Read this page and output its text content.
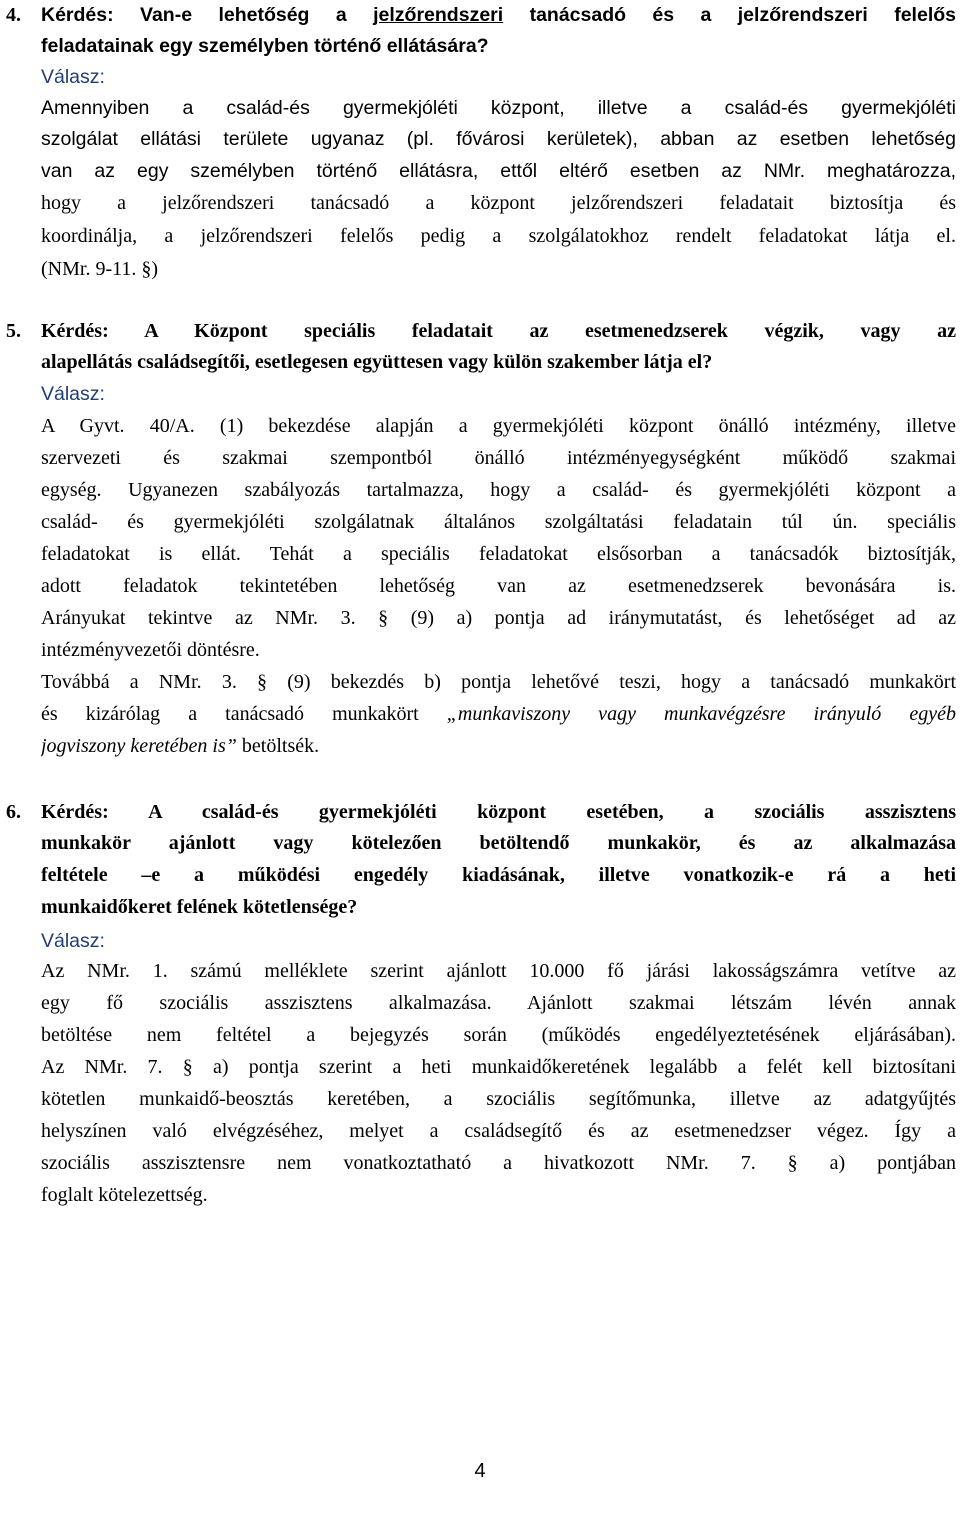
4.	Kérdés: Van-e lehetőség a jelzőrendszeri tanácsadó és a jelzőrendszeri felelős
feladatainak egy személyben történő ellátására?
Válasz:
Amennyiben a család-és gyermekjóléti központ, illetve a család-és gyermekjóléti
szolgálat ellátási területe ugyanaz (pl. fővárosi kerületek), abban az esetben lehetőség
van az egy személyben történő ellátásra, ettől eltérő esetben az NMr. meghatározza,
hogy a jelzőrendszeri tanácsadó a központ jelzőrendszeri feladatait biztosítja és
koordinálja, a jelzőrendszeri felelős pedig a szolgálatokhoz rendelt feladatokat látja el.
(NMr. 9-11. §)
5.	Kérdés: A Központ speciális feladatait az esetmenedzserek végzik, vagy az
alapellátás családsegítői, esetlegesen együttesen vagy külön szakember látja el?
Válasz:
A Gyvt. 40/A. (1) bekezdése alapján a gyermekjóléti központ önálló intézmény, illetve
szervezeti és szakmai szempontból önálló intézményegységként működő szakmai
egység. Ugyanezen szabályozás tartalmazza, hogy a család- és gyermekjóléti központ a
család- és gyermekjóléti szolgálatnak általános szolgáltatási feladatain túl ún. speciális
feladatokat is ellát. Tehát a speciális feladatokat elsősorban a tanácsadók biztosítják,
adott feladatok tekintetében lehetőség van az esetmenedzserek bevonására is.
Arányukat tekintve az NMr. 3. § (9) a) pontja ad iránymutatást, és lehetőséget ad az
intézményvezetői döntésre.
Továbbá a NMr. 3. § (9) bekezdés b) pontja lehetővé teszi, hogy a tanácsadó munkakört
és kizárólag a tanácsadó munkakört „munkaviszony vagy munkavégzésre irányuló egyéb
jogviszony keretében is” betöltsék.
6.	Kérdés: A család-és gyermekjóléti központ esetében, a szociális asszisztens
munkakör ajánlott vagy kötelezően betöltendő munkakör, és az alkalmazása
feltétele –e a működési engedély kiadásának, illetve vonatkozik-e rá a heti
munkaidőkeret felének kötetlensége?
Válasz:
Az NMr. 1. számú melléklete szerint ajánlott 10.000 fő járási lakosságszámra vetítve az
egy fő szociális asszisztens alkalmazása. Ajánlott szakmai létszám lévén annak
betöltése nem feltétel a bejegyzés során (működés engedélyeztetésének eljárásában).
Az NMr. 7. § a) pontja szerint a heti munkaidőkeretének legalább a felét kell biztosítani
kötetlen munkaidő-beosztás keretében, a szociális segítőmunka, illetve az adatgyűjtés
helyszínen való elvégzéséhez, melyet a családsegítő és az esetmenedzser végez. Így a
szociális asszisztensre nem vonatkoztatható a hivatkozott NMr. 7. § a) pontjában
foglalt kötelezettség.
4
